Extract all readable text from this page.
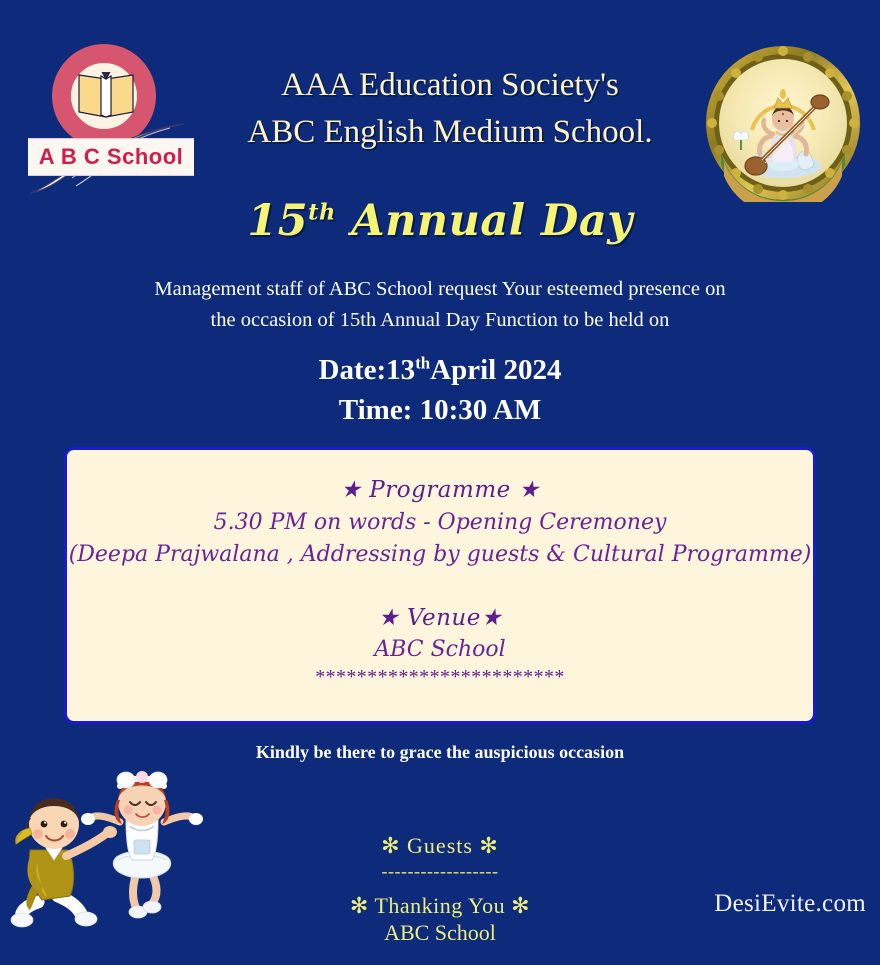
A B C School
AAA Education Society's
ABC English Medium School.
15th Annual Day
Management staff of ABC School request Your esteemed presence on
the occasion of 15th Annual Day Function to be held on
Date:13thApril 2024
Time: 10:30 AM
★ Programme ★
5.30 PM on words - Opening Ceremoney
(Deepa Prajwalana , Addressing by guests & Cultural Programme)
★ Venue★
ABC School
************************
Kindly be there to grace the auspicious occasion
✻ Guests ✻
------------------
✻ Thanking You ✻
ABC School
DesiEvite.com
